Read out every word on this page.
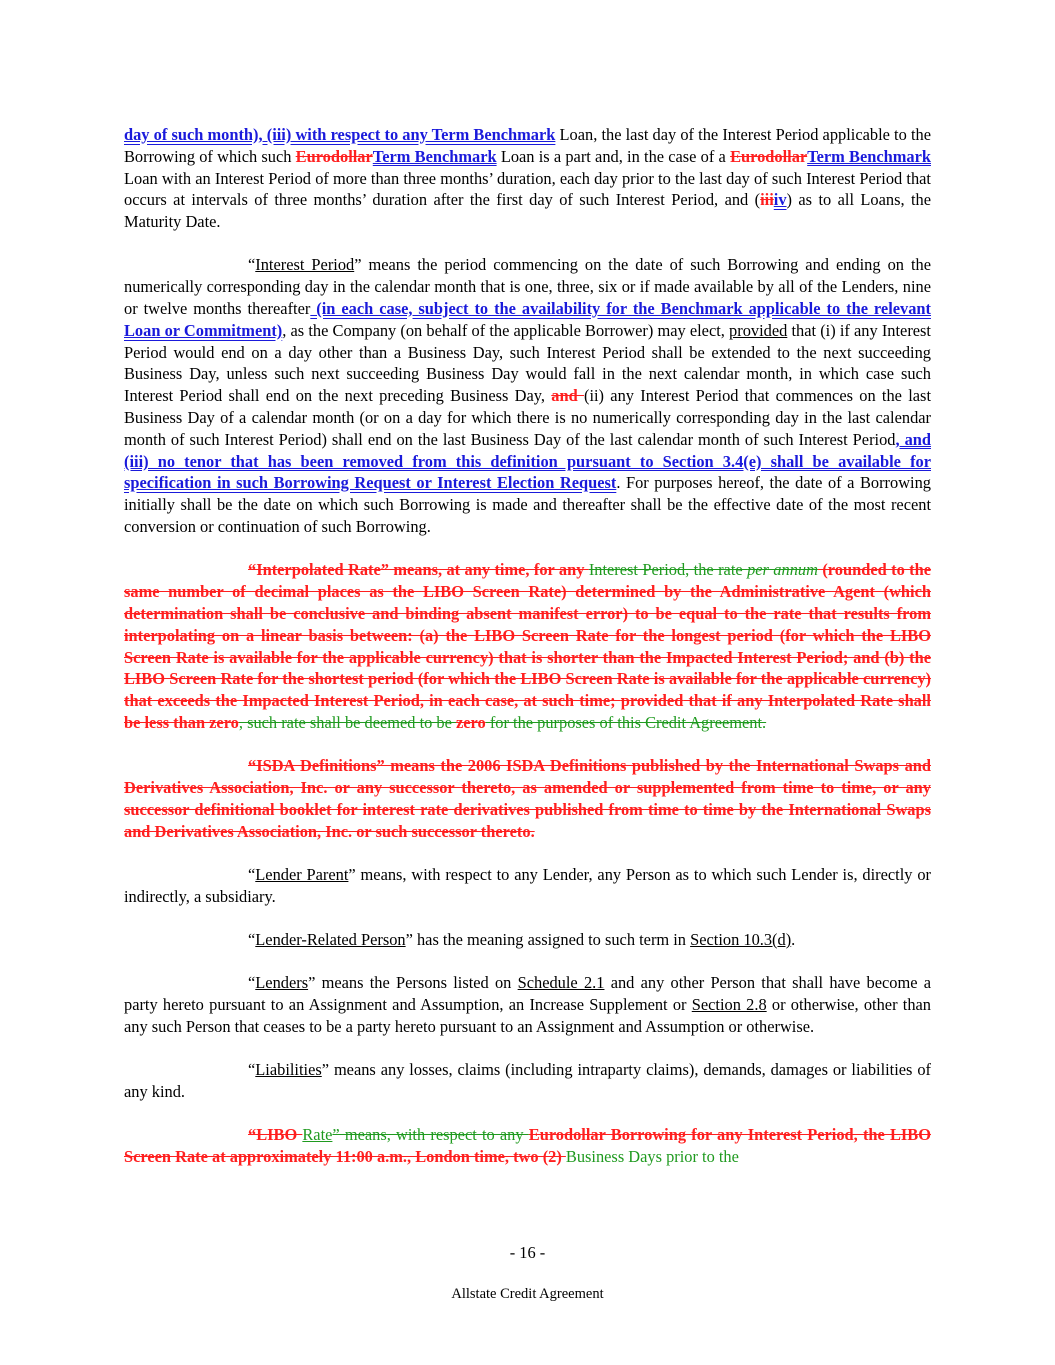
day of such month), (iii) with respect to any Term Benchmark Loan, the last day of the Interest Period applicable to the Borrowing of which such EurodollarTerm Benchmark Loan is a part and, in the case of a EurodollarTerm Benchmark Loan with an Interest Period of more than three months’ duration, each day prior to the last day of such Interest Period that occurs at intervals of three months’ duration after the first day of such Interest Period, and (iiiiv) as to all Loans, the Maturity Date.

“Interest Period” means the period commencing on the date of such Borrowing and ending on the numerically corresponding day in the calendar month that is one, three, six or if made available by all of the Lenders, nine or twelve months thereafter (in each case, subject to the availability for the Benchmark applicable to the relevant Loan or Commitment), as the Company (on behalf of the applicable Borrower) may elect, provided that (i) if any Interest Period would end on a day other than a Business Day, such Interest Period shall be extended to the next succeeding Business Day, unless such next succeeding Business Day would fall in the next calendar month, in which case such Interest Period shall end on the next preceding Business Day, and (ii) any Interest Period that commences on the last Business Day of a calendar month (or on a day for which there is no numerically corresponding day in the last calendar month of such Interest Period) shall end on the last Business Day of the last calendar month of such Interest Period, and (iii) no tenor that has been removed from this definition pursuant to Section 3.4(e) shall be available for specification in such Borrowing Request or Interest Election Request. For purposes hereof, the date of a Borrowing initially shall be the date on which such Borrowing is made and thereafter shall be the effective date of the most recent conversion or continuation of such Borrowing.

“Interpolated Rate” means, at any time, for any Interest Period, the rate per annum (rounded to the same number of decimal places as the LIBO Screen Rate) determined by the Administrative Agent (which determination shall be conclusive and binding absent manifest error) to be equal to the rate that results from interpolating on a linear basis between: (a) the LIBO Screen Rate for the longest period (for which the LIBO Screen Rate is available for the applicable currency) that is shorter than the Impacted Interest Period; and (b) the LIBO Screen Rate for the shortest period (for which the LIBO Screen Rate is available for the applicable currency) that exceeds the Impacted Interest Period, in each case, at such time; provided that if any Interpolated Rate shall be less than zero, such rate shall be deemed to be zero for the purposes of this Credit Agreement.

“ISDA Definitions” means the 2006 ISDA Definitions published by the International Swaps and Derivatives Association, Inc. or any successor thereto, as amended or supplemented from time to time, or any successor definitional booklet for interest rate derivatives published from time to time by the International Swaps and Derivatives Association, Inc. or such successor thereto.

“Lender Parent” means, with respect to any Lender, any Person as to which such Lender is, directly or indirectly, a subsidiary.

“Lender-Related Person” has the meaning assigned to such term in Section 10.3(d).

“Lenders” means the Persons listed on Schedule 2.1 and any other Person that shall have become a party hereto pursuant to an Assignment and Assumption, an Increase Supplement or Section 2.8 or otherwise, other than any such Person that ceases to be a party hereto pursuant to an Assignment and Assumption or otherwise.

“Liabilities” means any losses, claims (including intraparty claims), demands, damages or liabilities of any kind.

“LIBO Rate” means, with respect to any Eurodollar Borrowing for any Interest Period, the LIBO Screen Rate at approximately 11:00 a.m., London time, two (2) Business Days prior to the

- 16 -
Allstate Credit Agreement
